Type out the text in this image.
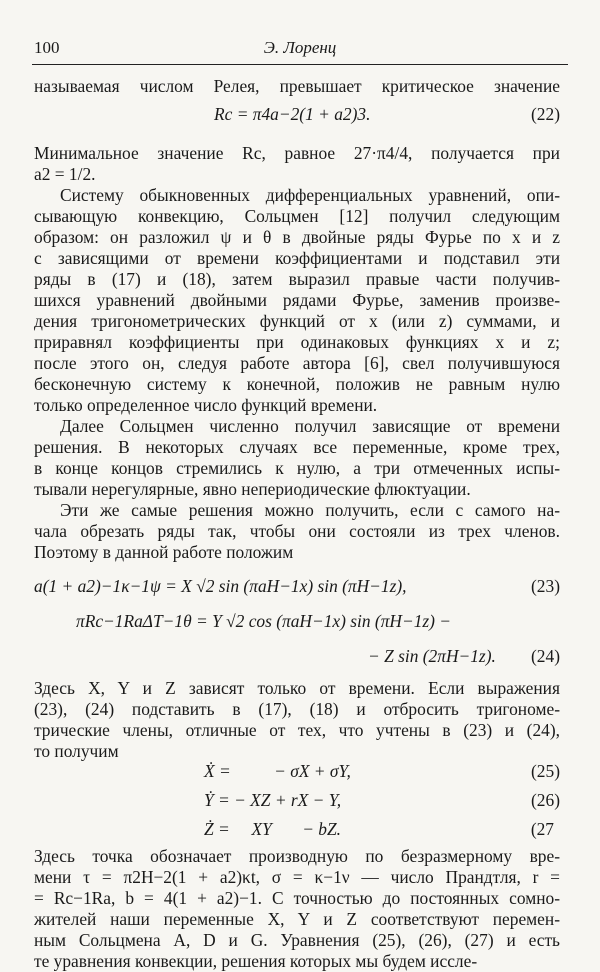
100	Э. Лоренц
называемая числом Релея, превышает критическое значение
Rc = π4a−2(1 + a2)3.	(22)
Минимальное значение Rc, равное 27·π4/4, получается при
a2 = 1/2.
Систему обыкновенных дифференциальных уравнений, опи-
сывающую конвекцию, Сольцмен [12] получил следующим
образом: он разложил ψ и θ в двойные ряды Фурье по x и z
с зависящими от времени коэффициентами и подставил эти
ряды в (17) и (18), затем выразил правые части получив-
шихся уравнений двойными рядами Фурье, заменив произве-
дения тригонометрических функций от x (или z) суммами, и
приравнял коэффициенты при одинаковых функциях x и z;
после этого он, следуя работе автора [6], свел получившуюся
бесконечную систему к конечной, положив не равным нулю
только определенное число функций времени.
Далее Сольцмен численно получил зависящие от времени
решения. В некоторых случаях все переменные, кроме трех,
в конце концов стремились к нулю, а три отмеченных испы-
тывали нерегулярные, явно непериодические флюктуации.
Эти же самые решения можно получить, если с самого на-
чала обрезать ряды так, чтобы они состояли из трех членов.
Поэтому в данной работе положим
a(1 + a2)−1κ−1ψ = X √2 sin (πaH−1x) sin (πH−1z),	(23)
πRc−1RaΔT−1θ = Y √2 cos (πaH−1x) sin (πH−1z) −
− Z sin (2πH−1z). (24)
Здесь X, Y и Z зависят только от времени. Если выражения
(23), (24) подставить в (17), (18) и отбросить тригономе-
трические члены, отличные от тех, что учтены в (23) и (24),
то получим
Ẋ =          − σX + σY,	(25)
Ẏ = − XZ + rX − Y,	(26)
Ż =     XY       − bZ.	(27
Здесь точка обозначает производную по безразмерному вре-
мени τ = π2H−2(1 + a2)κt, σ = κ−1ν — число Прандтля, r =
= Rc−1Ra, b = 4(1 + a2)−1. С точностью до постоянных сомно-
жителей наши переменные X, Y и Z соответствуют перемен-
ным Сольцмена A, D и G. Уравнения (25), (26), (27) и есть
те уравнения конвекции, решения которых мы будем иссле-
